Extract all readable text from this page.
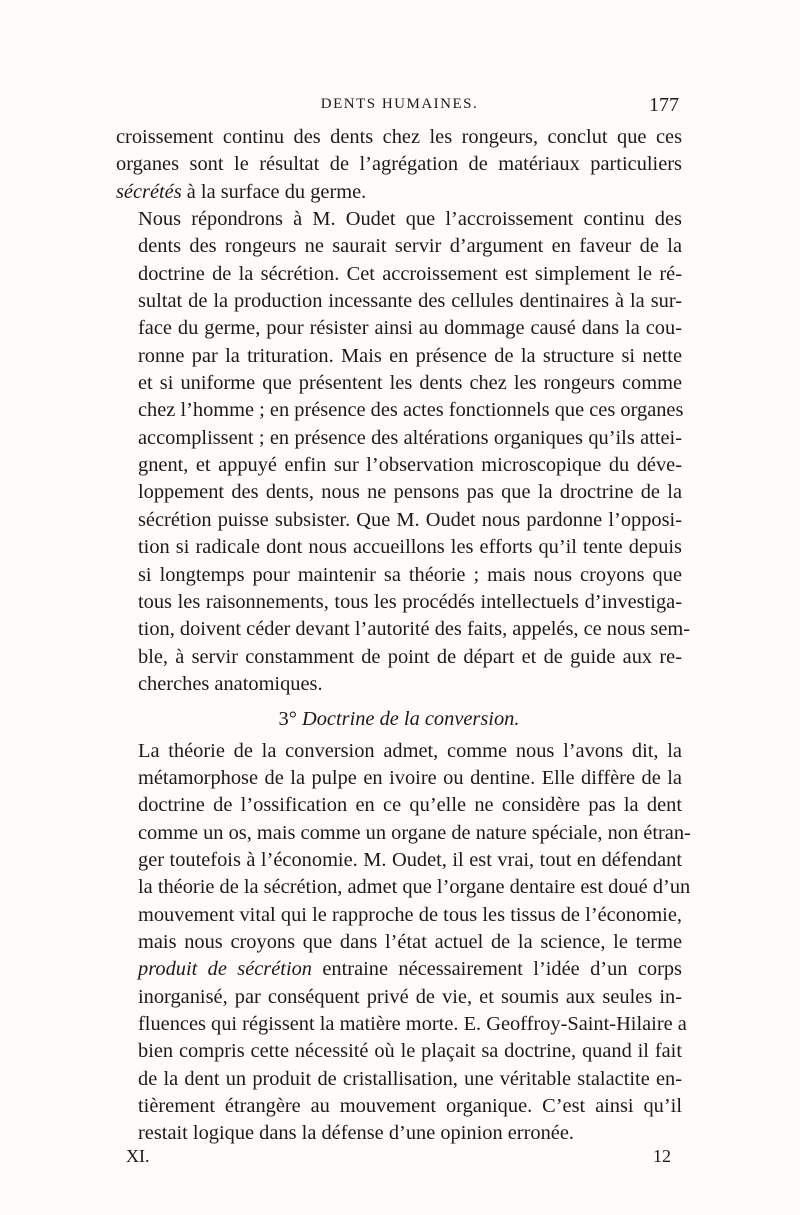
DENTS HUMAINES.	177

croissement continu des dents chez les rongeurs, conclut que ces
organes sont le résultat de l’agrégation de matériaux particuliers
sécrétés à la surface du germe.

Nous répondrons à M. Oudet que l’accroissement continu des
dents des rongeurs ne saurait servir d’argument en faveur de la
doctrine de la sécrétion. Cet accroissement est simplement le ré-
sultat de la production incessante des cellules dentinaires à la sur-
face du germe, pour résister ainsi au dommage causé dans la cou-
ronne par la trituration. Mais en présence de la structure si nette
et si uniforme que présentent les dents chez les rongeurs comme
chez l’homme ; en présence des actes fonctionnels que ces organes
accomplissent ; en présence des altérations organiques qu’ils attei-
gnent, et appuyé enfin sur l’observation microscopique du déve-
loppement des dents, nous ne pensons pas que la droctrine de la
sécrétion puisse subsister. Que M. Oudet nous pardonne l’opposi-
tion si radicale dont nous accueillons les efforts qu’il tente depuis
si longtemps pour maintenir sa théorie ; mais nous croyons que
tous les raisonnements, tous les procédés intellectuels d’investiga-
tion, doivent céder devant l’autorité des faits, appelés, ce nous sem-
ble, à servir constamment de point de départ et de guide aux re-
cherches anatomiques.

3° Doctrine de la conversion.

La théorie de la conversion admet, comme nous l’avons dit, la
métamorphose de la pulpe en ivoire ou dentine. Elle diffère de la
doctrine de l’ossification en ce qu’elle ne considère pas la dent
comme un os, mais comme un organe de nature spéciale, non étran-
ger toutefois à l’économie. M. Oudet, il est vrai, tout en défendant
la théorie de la sécrétion, admet que l’organe dentaire est doué d’un
mouvement vital qui le rapproche de tous les tissus de l’économie,
mais nous croyons que dans l’état actuel de la science, le terme
produit de sécrétion entraine nécessairement l’idée d’un corps
inorganisé, par conséquent privé de vie, et soumis aux seules in-
fluences qui régissent la matière morte. E. Geoffroy-Saint-Hilaire a
bien compris cette nécessité où le plaçait sa doctrine, quand il fait
de la dent un produit de cristallisation, une véritable stalactite en-
tièrement étrangère au mouvement organique. C’est ainsi qu’il
restait logique dans la défense d’une opinion erronée.

XI.	12
